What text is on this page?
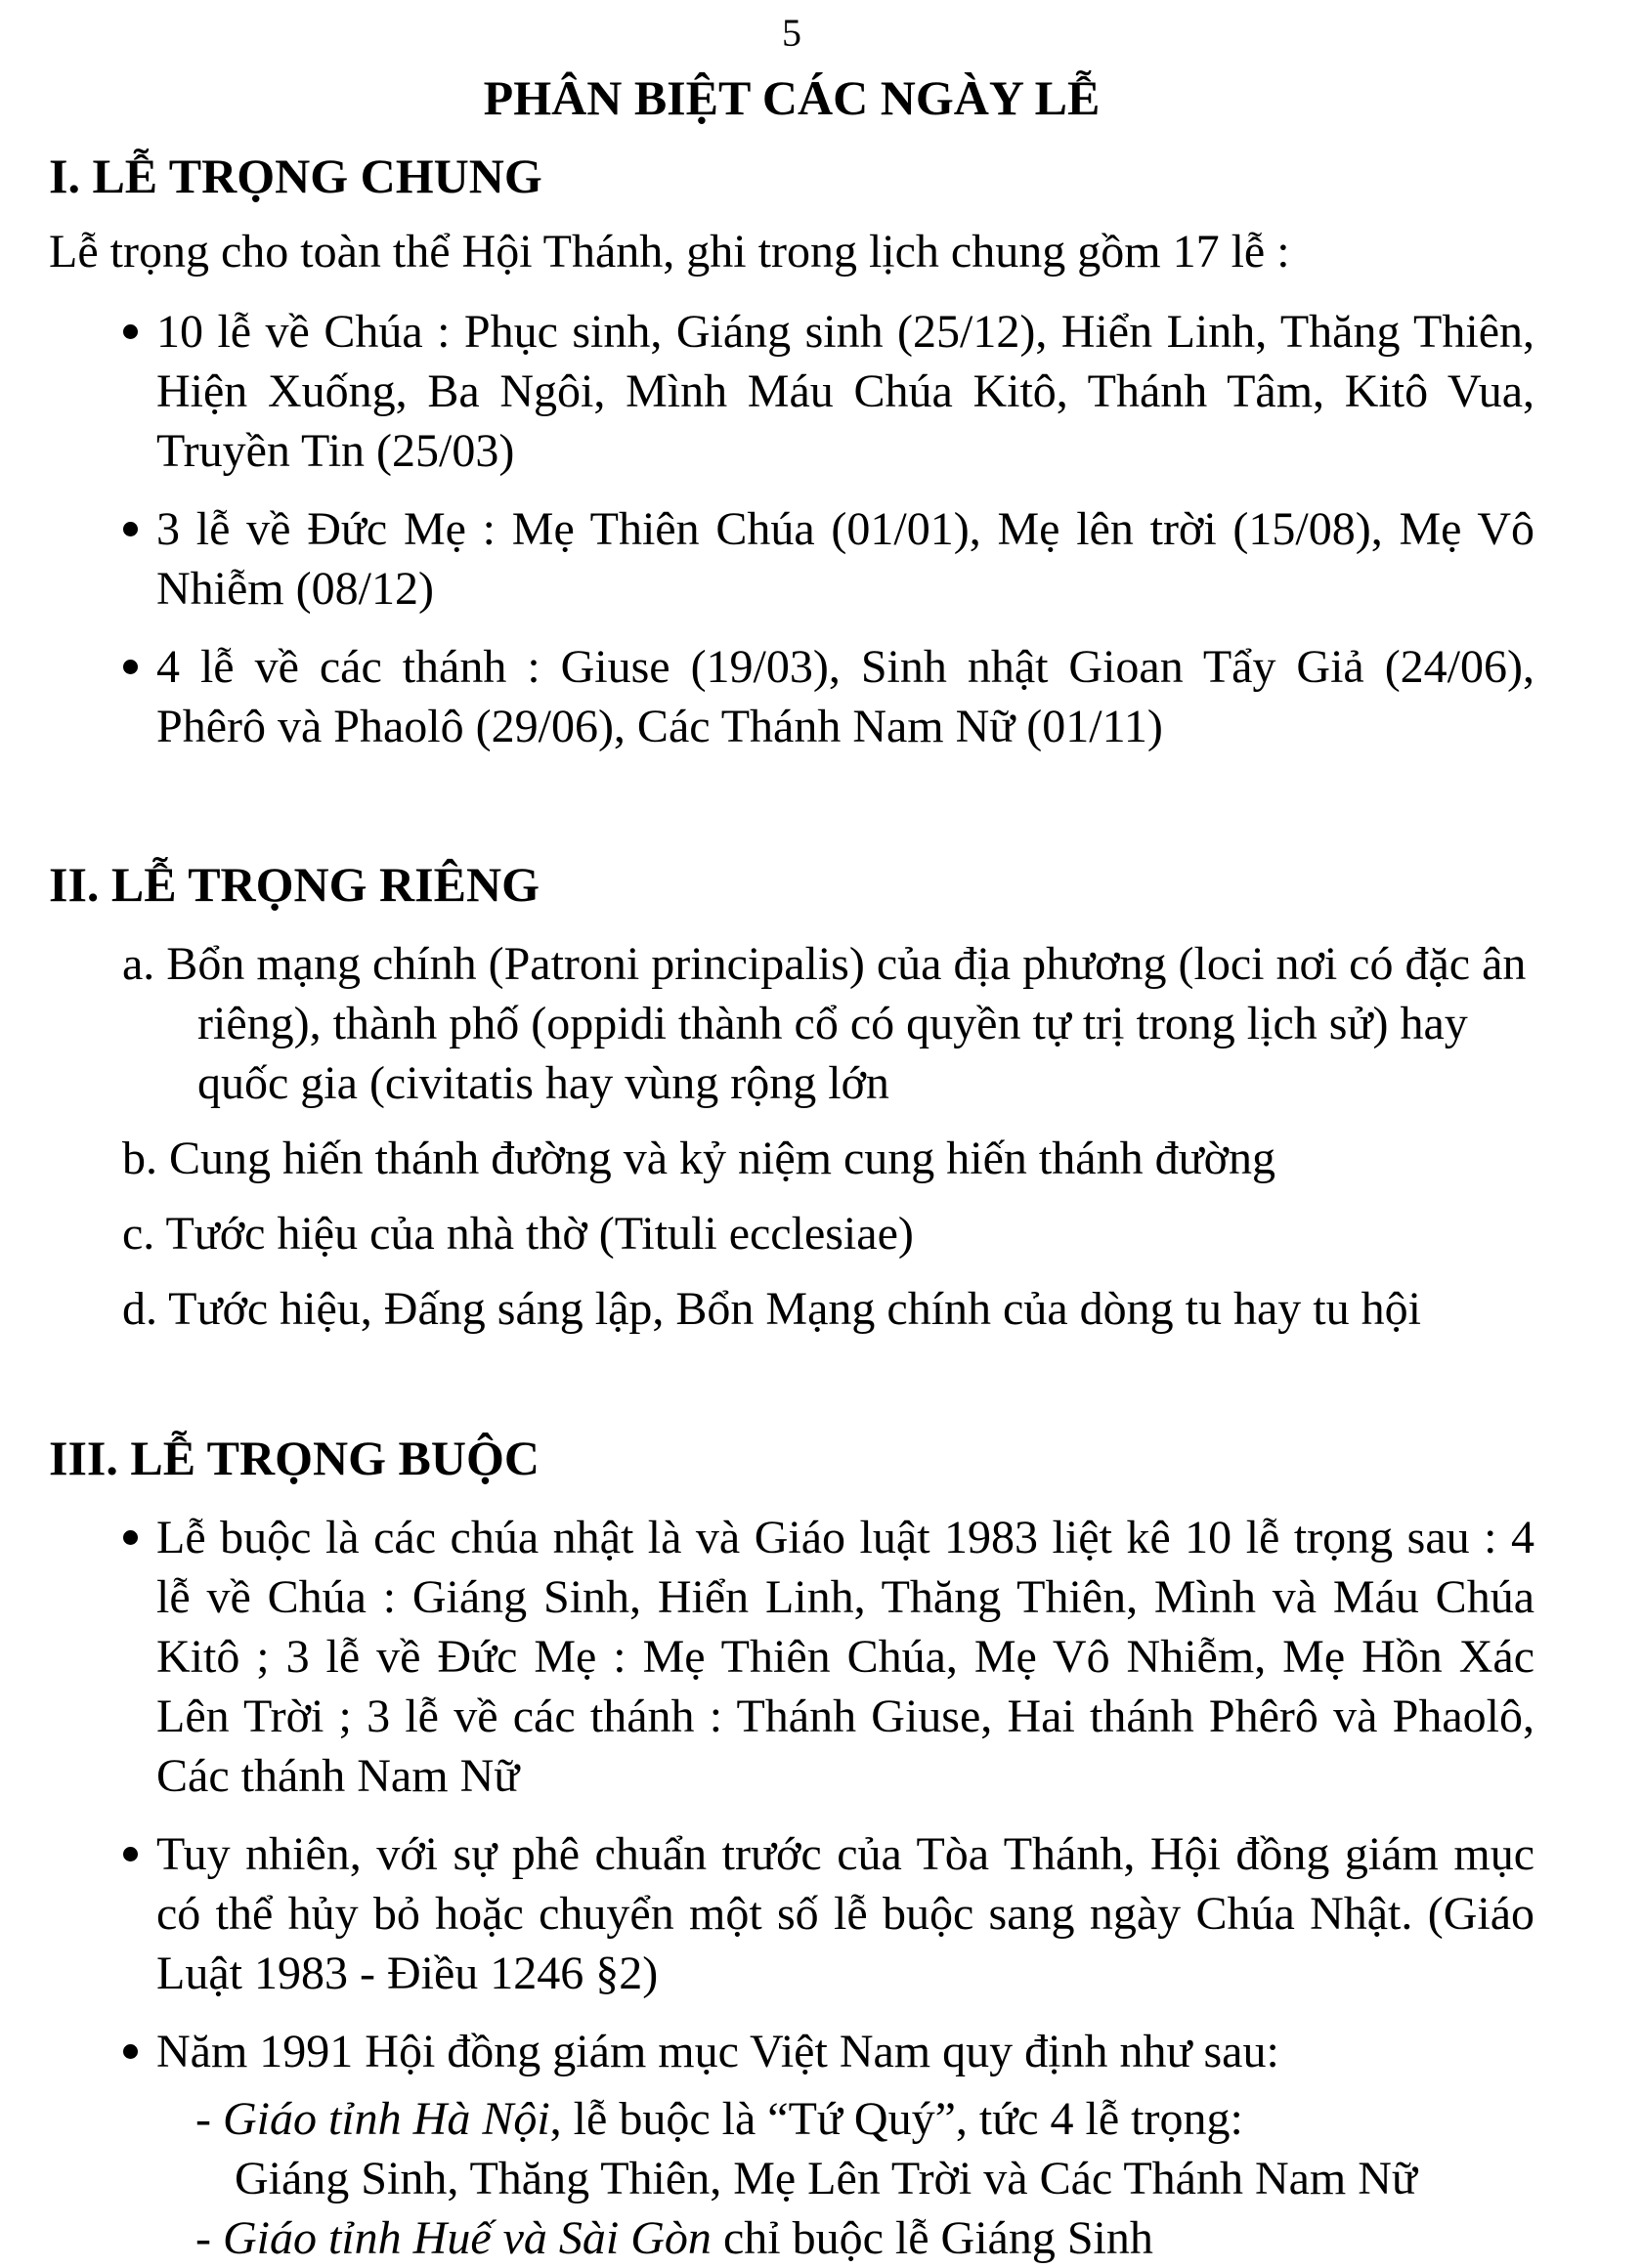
5
PHÂN BIỆT CÁC NGÀY LỄ
I. LỄ TRỌNG CHUNG

Lễ trọng cho toàn thể Hội Thánh, ghi trong lịch chung gồm 17 lễ :

10 lễ về Chúa : Phục sinh, Giáng sinh (25/12), Hiển Linh, Thăng Thiên, Hiện Xuống, Ba Ngôi, Mình Máu Chúa Kitô, Thánh Tâm, Kitô Vua, Truyền Tin (25/03)
3 lễ về Đức Mẹ : Mẹ Thiên Chúa (01/01), Mẹ lên trời (15/08), Mẹ Vô Nhiễm (08/12)
4 lễ về các thánh : Giuse (19/03), Sinh nhật Gioan Tẩy Giả (24/06), Phêrô và Phaolô (29/06), Các Thánh Nam Nữ (01/11)
II. LỄ TRỌNG RIÊNG
a. Bổn mạng chính (Patroni principalis) của địa phương (loci nơi có đặc ân riêng), thành phố (oppidi thành cổ có quyền tự trị trong lịch sử) hay quốc gia (civitatis hay vùng rộng lớn
b. Cung hiến thánh đường và kỷ niệm cung hiến thánh đường
c. Tước hiệu của nhà thờ (Tituli ecclesiae)
d. Tước hiệu, Đấng sáng lập, Bổn Mạng chính của dòng tu hay tu hội
III. LỄ TRỌNG BUỘC
Lễ buộc là các chúa nhật là và Giáo luật 1983 liệt kê 10 lễ trọng sau : 4 lễ về Chúa : Giáng Sinh, Hiển Linh, Thăng Thiên, Mình và Máu Chúa Kitô ; 3 lễ về Đức Mẹ : Mẹ Thiên Chúa, Mẹ Vô Nhiễm, Mẹ Hồn Xác Lên Trời ; 3 lễ về các thánh : Thánh Giuse, Hai thánh Phêrô và Phaolô, Các thánh Nam Nữ
Tuy nhiên, với sự phê chuẩn trước của Tòa Thánh, Hội đồng giám mục có thể hủy bỏ hoặc chuyển một số lễ buộc sang ngày Chúa Nhật. (Giáo Luật 1983 - Điều 1246 §2)
Năm 1991 Hội đồng giám mục Việt Nam quy định như sau:

- Giáo tỉnh Hà Nội, lễ buộc là “Tứ Quý”, tức 4 lễ trọng:

Giáng Sinh, Thăng Thiên, Mẹ Lên Trời và Các Thánh Nam Nữ

- Giáo tỉnh Huế và Sài Gòn chỉ buộc lễ Giáng Sinh
